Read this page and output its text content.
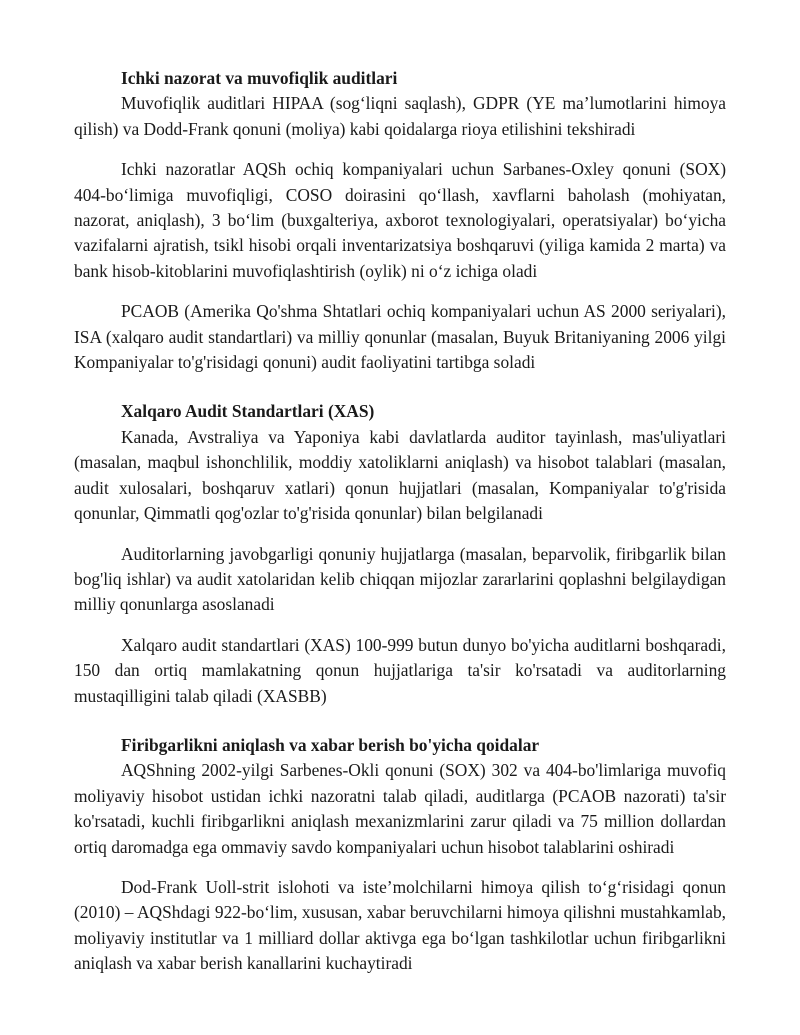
Ichki nazorat va muvofiqlik auditlari

Muvofiqlik auditlari HIPAA (sog‘liqni saqlash), GDPR (YE ma’lumotlarini himoya qilish) va Dodd-Frank qonuni (moliya) kabi qoidalarga rioya etilishini tekshiradi

Ichki nazoratlar AQSh ochiq kompaniyalari uchun Sarbanes-Oxley qonuni (SOX) 404-bo‘limiga muvofiqligi, COSO doirasini qo‘llash, xavflarni baholash (mohiyatan, nazorat, aniqlash), 3 bo‘lim (buxgalteriya, axborot texnologiyalari, operatsiyalar) bo‘yicha vazifalarni ajratish, tsikl hisobi orqali inventarizatsiya boshqaruvi (yiliga kamida 2 marta) va bank hisob-kitoblarini muvofiqlashtirish (oylik) ni o‘z ichiga oladi

PCAOB (Amerika Qo'shma Shtatlari ochiq kompaniyalari uchun AS 2000 seriyalari), ISA (xalqaro audit standartlari) va milliy qonunlar (masalan, Buyuk Britaniyaning 2006 yilgi Kompaniyalar to'g'risidagi qonuni) audit faoliyatini tartibga soladi

Xalqaro Audit Standartlari (XAS)

Kanada, Avstraliya va Yaponiya kabi davlatlarda auditor tayinlash, mas'uliyatlari (masalan, maqbul ishonchlilik, moddiy xatoliklarni aniqlash) va hisobot talablari (masalan, audit xulosalari, boshqaruv xatlari) qonun hujjatlari (masalan, Kompaniyalar to'g'risida qonunlar, Qimmatli qog'ozlar to'g'risida qonunlar) bilan belgilanadi

Auditorlarning javobgarligi qonuniy hujjatlarga (masalan, beparvolik, firibgarlik bilan bog'liq ishlar) va audit xatolaridan kelib chiqqan mijozlar zararlarini qoplashni belgilaydigan milliy qonunlarga asoslanadi

Xalqaro audit standartlari (XAS) 100-999 butun dunyo bo'yicha auditlarni boshqaradi, 150 dan ortiq mamlakatning qonun hujjatlariga ta'sir ko'rsatadi va auditorlarning mustaqilligini talab qiladi (XASBB)

Firibgarlikni aniqlash va xabar berish bo'yicha qoidalar

AQShning 2002-yilgi Sarbenes-Okli qonuni (SOX) 302 va 404-bo'limlariga muvofiq moliyaviy hisobot ustidan ichki nazoratni talab qiladi, auditlarga (PCAOB nazorati) ta'sir ko'rsatadi, kuchli firibgarlikni aniqlash mexanizmlarini zarur qiladi va 75 million dollardan ortiq daromadga ega ommaviy savdo kompaniyalari uchun hisobot talablarini oshiradi

Dod-Frank Uoll-strit islohoti va iste’molchilarni himoya qilish to‘g‘risidagi qonun (2010) – AQShdagi 922-bo‘lim, xususan, xabar beruvchilarni himoya qilishni mustahkamlab, moliyaviy institutlar va 1 milliard dollar aktivga ega bo‘lgan tashkilotlar uchun firibgarlikni aniqlash va xabar berish kanallarini kuchaytiradi
